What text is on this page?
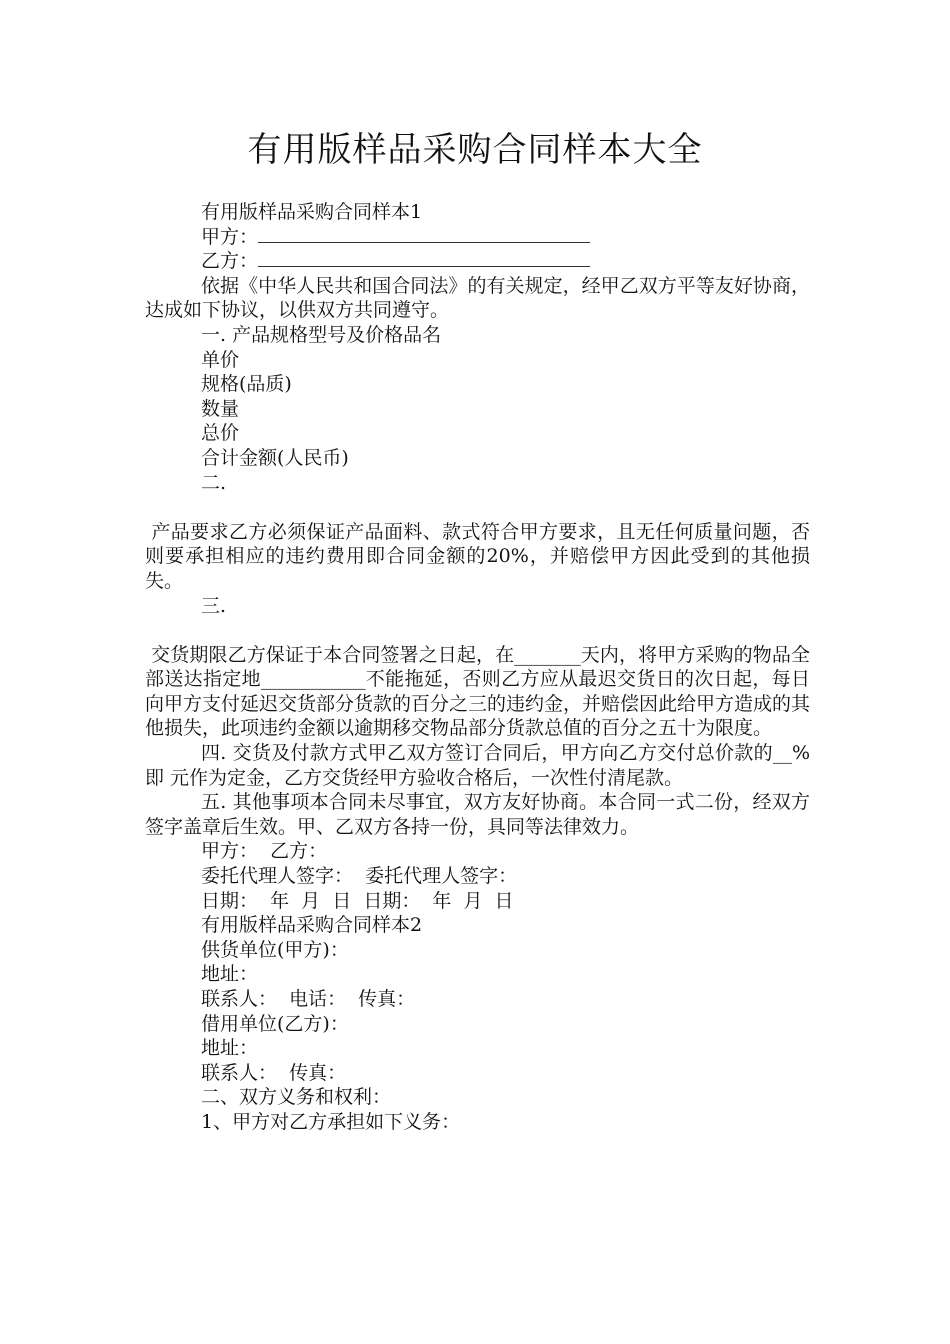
有用版样品采购合同样本大全
有用版样品采购合同样本1
甲方：
乙方：
依据《中华人民共和国合同法》的有关规定，经甲乙双方平等友好协商，达成如下协议，以供双方共同遵守。
一. 产品规格型号及价格品名
单价
规格(品质)
数量
总价
合计金额(人民币)
二.
产品要求乙方必须保证产品面料、款式符合甲方要求，且无任何质量问题，否则要承担相应的违约费用即合同金额的20%，并赔偿甲方因此受到的其他损失。
三.
交货期限乙方保证于本合同签署之日起，在_______天内，将甲方采购的物品全部送达指定地___________不能拖延，否则乙方应从最迟交货日的次日起，每日向甲方支付延迟交货部分货款的百分之三的违约金，并赔偿因此给甲方造成的其他损失，此项违约金额以逾期移交物品部分货款总值的百分之五十为限度。
四. 交货及付款方式甲乙双方签订合同后，甲方向乙方交付总价款的__%即 元作为定金，乙方交货经甲方验收合格后，一次性付清尾款。
五. 其他事项本合同未尽事宜，双方友好协商。本合同一式二份，经双方签字盖章后生效。甲、乙双方各持一份，具同等法律效力。
甲方：  乙方：
委托代理人签字：  委托代理人签字：
日期：  年  月  日  日期：  年  月  日
有用版样品采购合同样本2
供货单位(甲方)：
地址：
联系人：  电话：  传真：
借用单位(乙方)：
地址：
联系人：  传真：
二、双方义务和权利：
1、甲方对乙方承担如下义务：
